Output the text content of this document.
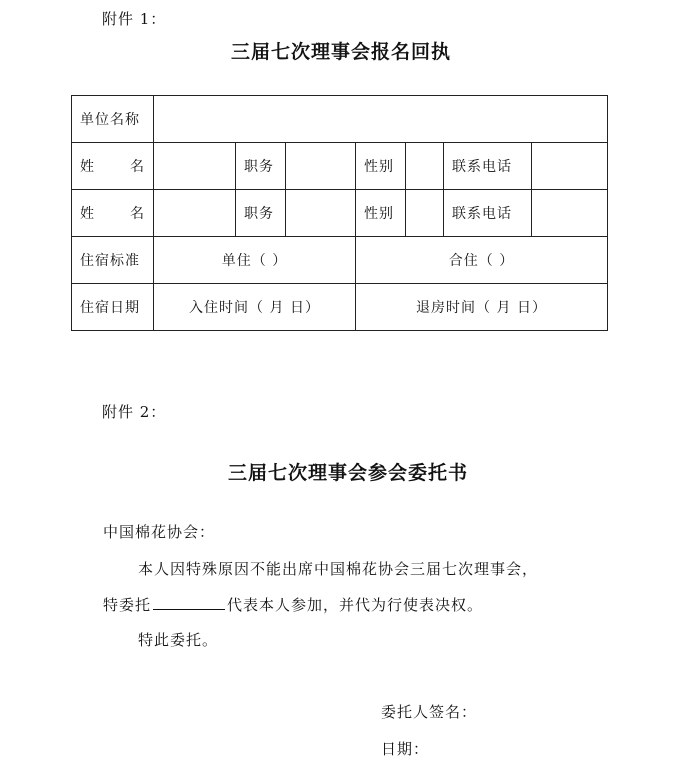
附件 1：
三届七次理事会报名回执
单位名称							

姓 名		职务		性别		联系电话	

姓 名		职务		性别		联系电话	
住宿标准	单住（ ）			合住（ ）			
住宿日期	入住时间（ 月 日）			退房时间（ 月 日）			
附件 2：
三届七次理事会参会委托书
中国棉花协会：
本人因特殊原因不能出席中国棉花协会三届七次理事会，
特委托	代表本人参加，并代为行使表决权。
特此委托。
委托人签名：
日期：
